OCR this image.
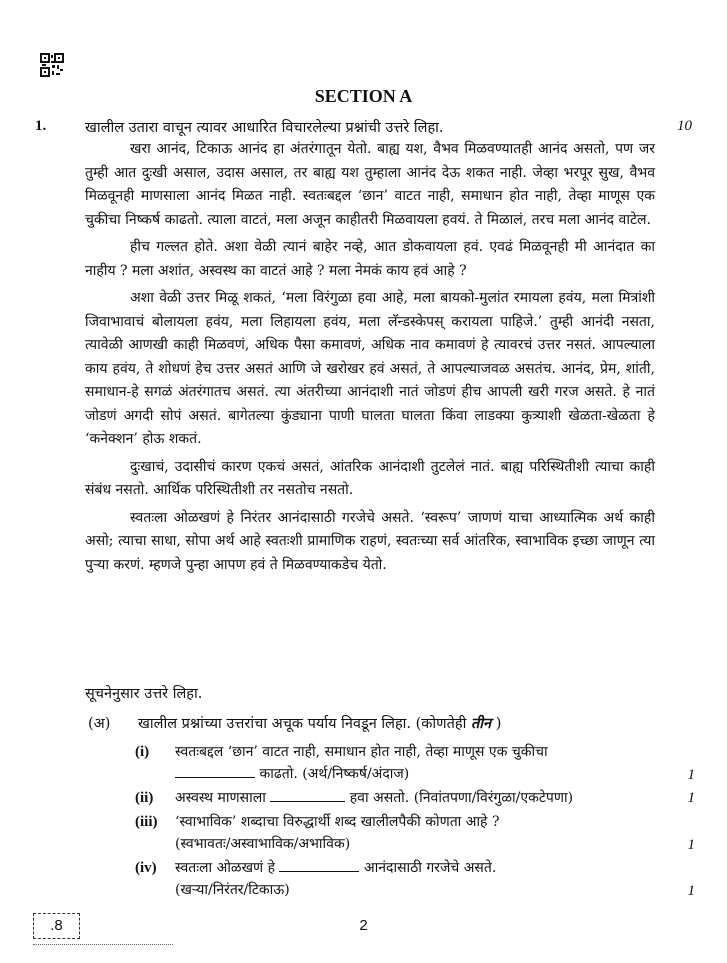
SECTION A
1.	खालील उतारा वाचून त्यावर आधारित विचारलेल्या प्रश्नांची उत्तरे लिहा.	10

खरा आनंद, टिकाऊ आनंद हा अंतरंगातून येतो. बाह्य यश, वैभव मिळवण्यातही आनंद असतो, पण जर तुम्ही आत दुःखी असाल, उदास असाल, तर बाह्य यश तुम्हाला आनंद देऊ शकत नाही. जेव्हा भरपूर सुख, वैभव मिळवूनही माणसाला आनंद मिळत नाही. स्वतःबद्दल ‘छान’ वाटत नाही, समाधान होत नाही, तेव्हा माणूस एक चुकीचा निष्कर्ष काढतो. त्याला वाटतं, मला अजून काहीतरी मिळवायला हवयं. ते मिळालं, तरच मला आनंद वाटेल.

हीच गल्लत होते. अशा वेळी त्यानं बाहेर नव्हे, आत डोकवायला हवं. एवढं मिळवूनही मी आनंदात का नाहीय ? मला अशांत, अस्वस्थ का वाटतं आहे ? मला नेमकं काय हवं आहे ?

अशा वेळी उत्तर मिळू शकतं, ‘मला विरंगुळा हवा आहे, मला बायको-मुलांत रमायला हवंय, मला मित्रांशी जिवाभावाचं बोलायला हवंय, मला लिहायला हवंय, मला लॅन्डस्केपस् करायला पाहिजे.’ तुम्ही आनंदी नसता, त्यावेळी आणखी काही मिळवणं, अधिक पैसा कमावणं, अधिक नाव कमावणं हे त्यावरचं उत्तर नसतं. आपल्याला काय हवंय, ते शोधणं हेच उत्तर असतं आणि जे खरोखर हवं असतं, ते आपल्याजवळ असतंच. आनंद, प्रेम, शांती, समाधान-हे सगळं अंतरंगातच असतं. त्या अंतरीच्या आनंदाशी नातं जोडणं हीच आपली खरी गरज असते. हे नातं जोडणं अगदी सोपं असतं. बागेतल्या कुंड्याना पाणी घालता घालता किंवा लाडक्या कुत्र्याशी खेळता-खेळता हे ‘कनेक्शन’ होऊ शकतं.

दुःखाचं, उदासीचं कारण एकचं असतं, आंतरिक आनंदाशी तुटलेलं नातं. बाह्य परिस्थितीशी त्याचा काही संबंध नसतो. आर्थिक परिस्थितीशी तर नसतोच नसतो.

स्वतःला ओळखणं हे निरंतर आनंदासाठी गरजेचे असते. ‘स्वरूप’ जाणणं याचा आध्यात्मिक अर्थ काही असो; त्याचा साधा, सोपा अर्थ आहे स्वतःशी प्रामाणिक राहणं, स्वतःच्या सर्व आंतरिक, स्वाभाविक इच्छा जाणून त्या पुऱ्या करणं. म्हणजे पुन्हा आपण हवं ते मिळवण्याकडेच येतो.

सूचनेनुसार उत्तरे लिहा.
(अ) खालील प्रश्नांच्या उत्तरांचा अचूक पर्याय निवडून लिहा. (कोणतेही तीन )
(i)	स्वतःबद्दल ‘छान’ वाटत नाही, समाधान होत नाही, तेव्हा माणूस एक चुकीचा
काढतो. (अर्थ/निष्कर्ष/अंदाज)	1
(ii)	अस्वस्थ माणसाला	हवा असतो. (निवांतपणा/विरंगुळा/एकटेपणा)	1
(iii)	‘स्वाभाविक’ शब्दाचा विरुद्धार्थी शब्द खालीलपैकी कोणता आहे ?
(स्वभावतः/अस्वाभाविक/अभाविक)	1
(iv)	स्वतःला ओळखणं हे	आनंदासाठी गरजेचे असते.
(खऱ्या/निरंतर/टिकाऊ)	1
.8	2
